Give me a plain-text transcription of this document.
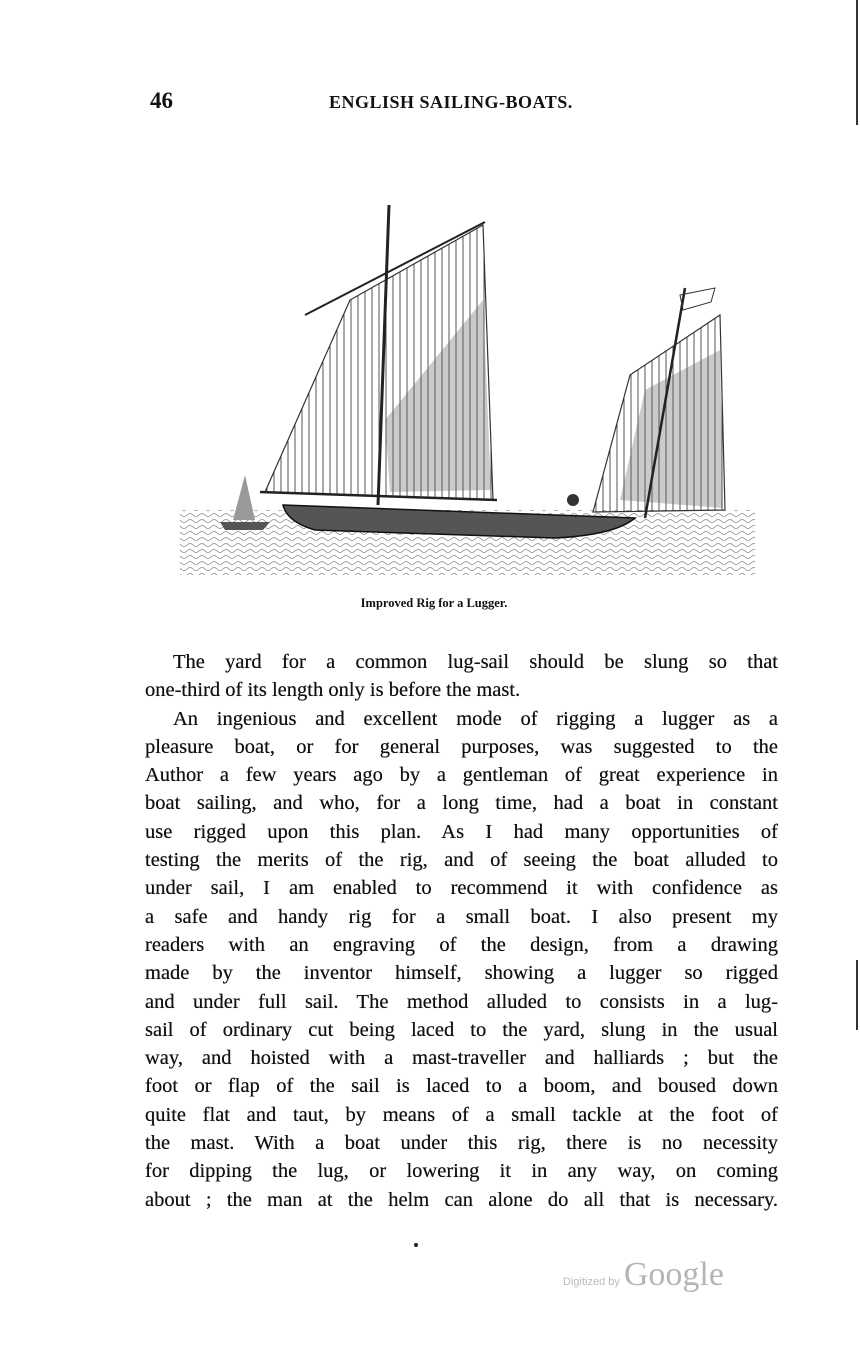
46	ENGLISH SAILING-BOATS.
Improved Rig for a Lugger.
The yard for a common lug-sail should be slung so that
one-third of its length only is before the mast.
An ingenious and excellent mode of rigging a lugger as a
pleasure boat, or for general purposes, was suggested to the
Author a few years ago by a gentleman of great experience in
boat sailing, and who, for a long time, had a boat in constant
use rigged upon this plan. As I had many opportunities of
testing the merits of the rig, and of seeing the boat alluded to
under sail, I am enabled to recommend it with confidence as
a safe and handy rig for a small boat. I also present my
readers with an engraving of the design, from a drawing
made by the inventor himself, showing a lugger so rigged
and under full sail. The method alluded to consists in a lug-
sail of ordinary cut being laced to the yard, slung in the usual
way, and hoisted with a mast-traveller and halliards ; but the
foot or flap of the sail is laced to a boom, and boused down
quite flat and taut, by means of a small tackle at the foot of
the mast. With a boat under this rig, there is no necessity
for dipping the lug, or lowering it in any way, on coming
about ; the man at the helm can alone do all that is necessary.
Digitized by Google
